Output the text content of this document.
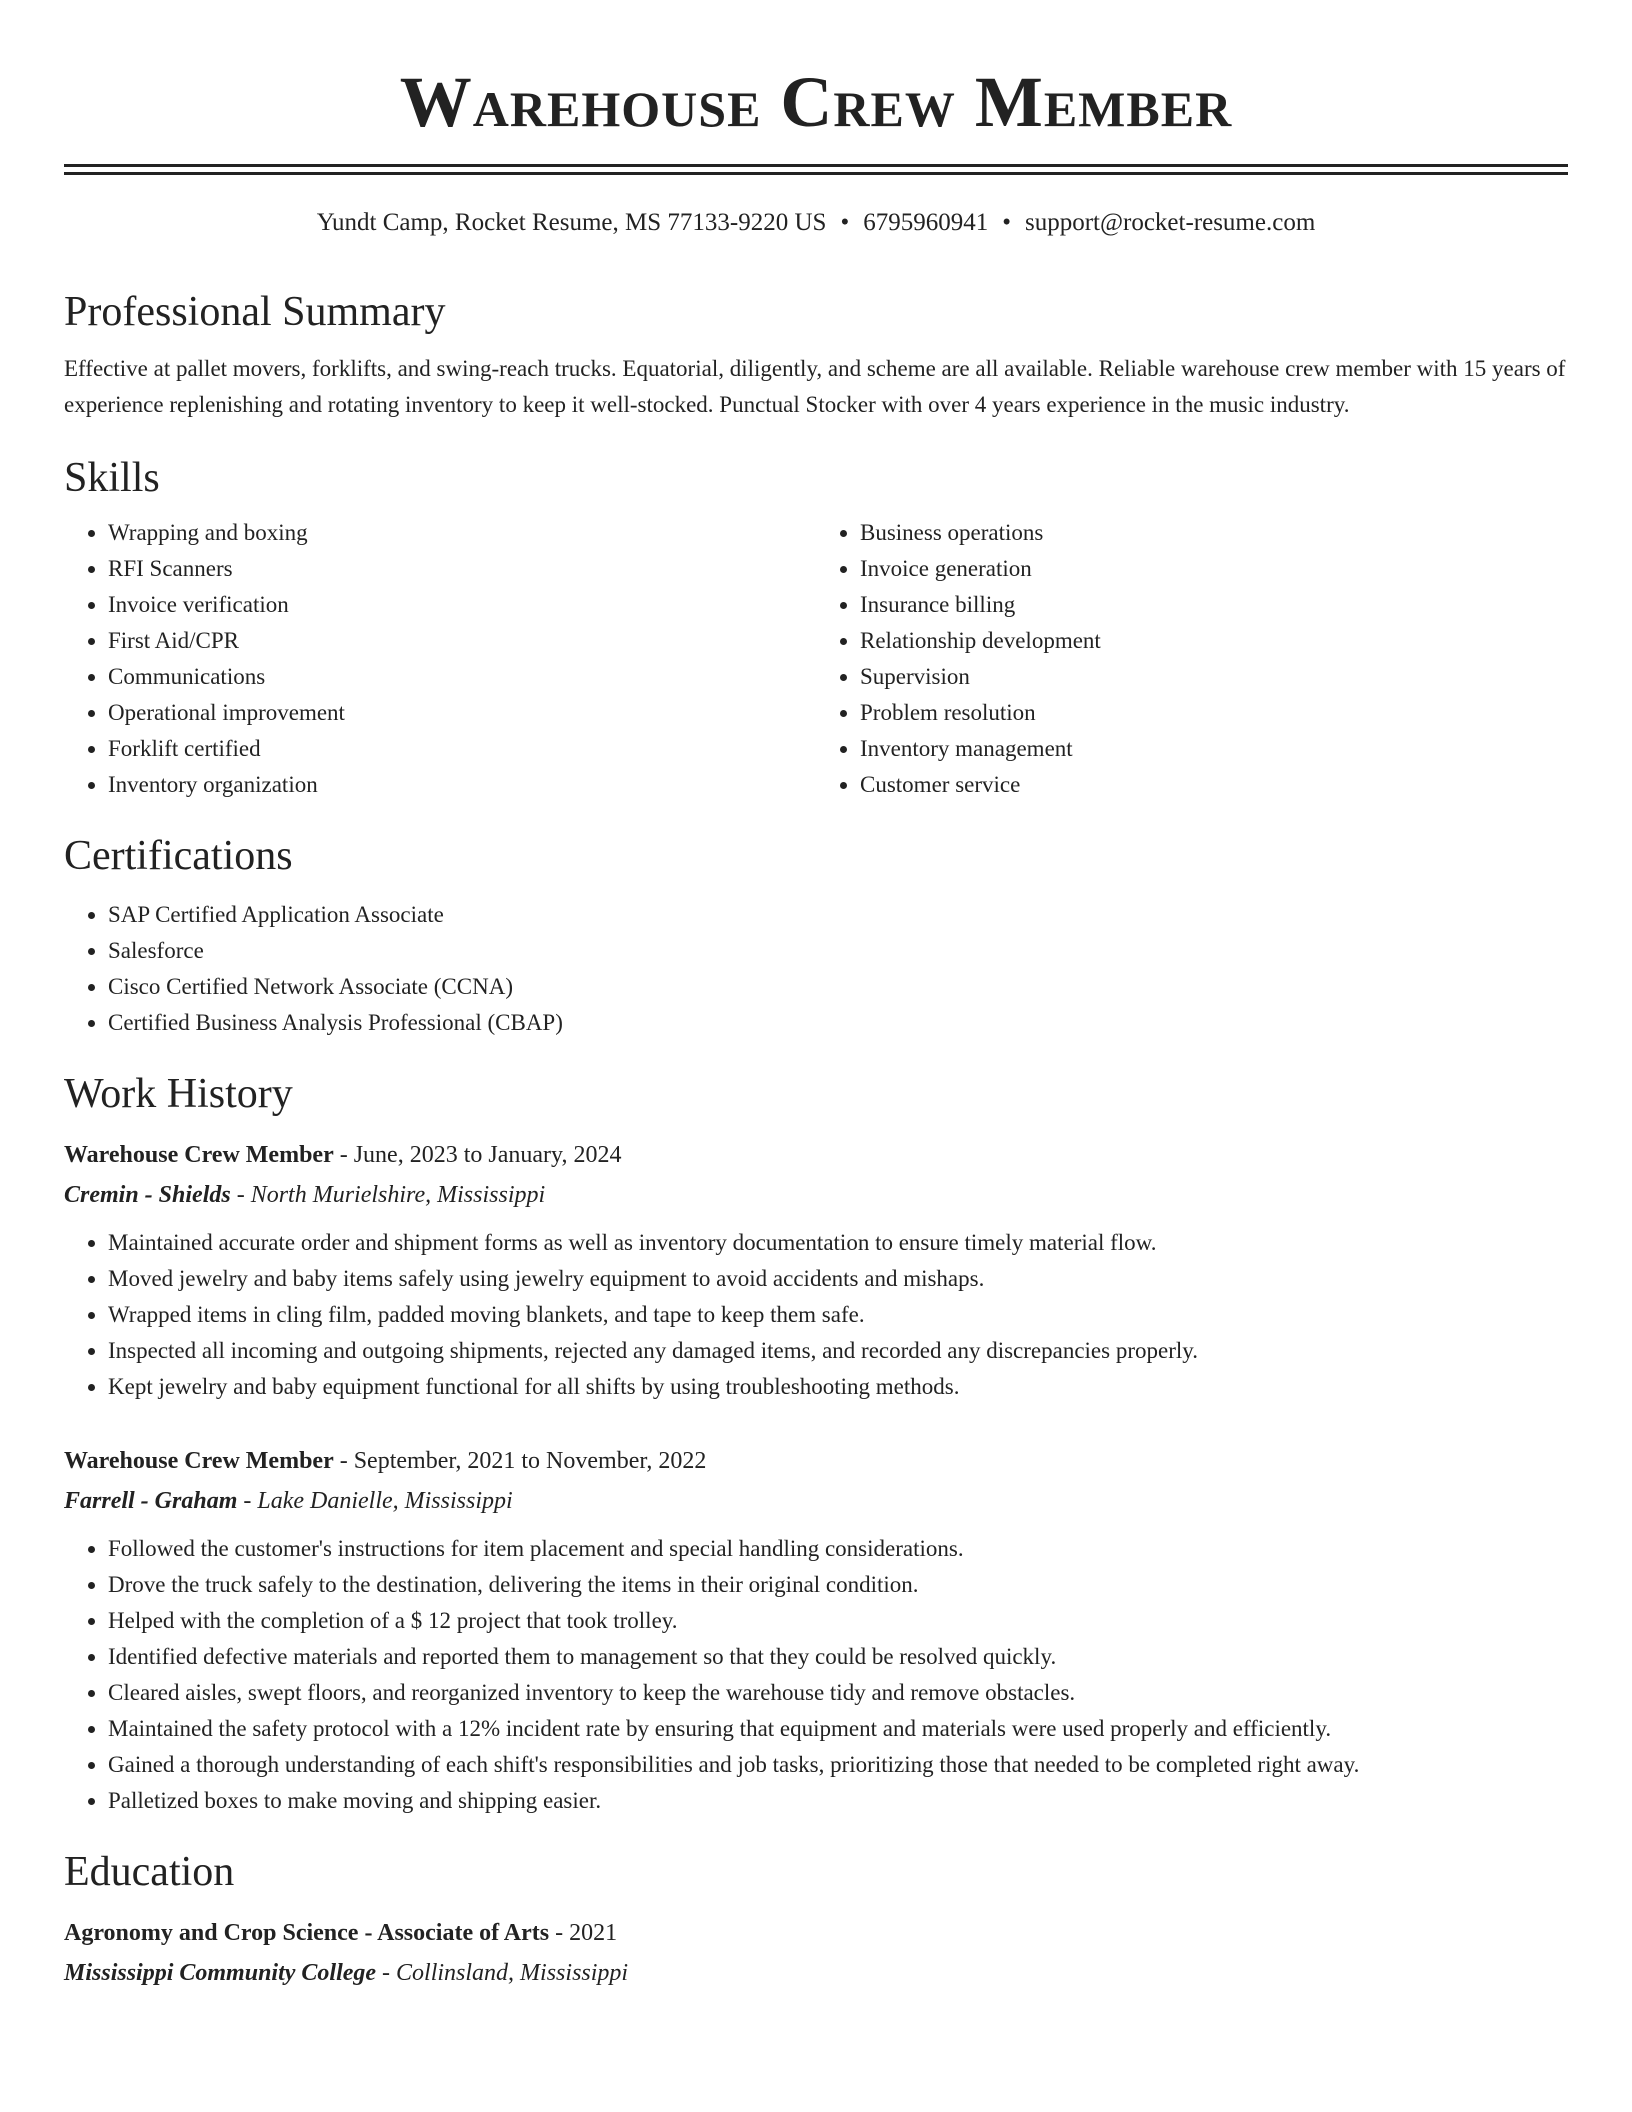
Warehouse Crew Member
Yundt Camp, Rocket Resume, MS 77133-9220 US • 6795960941 • support@rocket-resume.com
Professional Summary

Effective at pallet movers, forklifts, and swing-reach trucks. Equatorial, diligently, and scheme are all available. Reliable warehouse crew member with 15 years of experience replenishing and rotating inventory to keep it well-stocked. Punctual Stocker with over 4 years experience in the music industry.

Skills
• Wrapping and boxing
• RFI Scanners
• Invoice verification
• First Aid/CPR
• Communications
• Operational improvement
• Forklift certified
• Inventory organization
• Business operations
• Invoice generation
• Insurance billing
• Relationship development
• Supervision
• Problem resolution
• Inventory management
• Customer service
Certifications
• SAP Certified Application Associate
• Salesforce
• Cisco Certified Network Associate (CCNA)
• Certified Business Analysis Professional (CBAP)
Work History
Warehouse Crew Member - June, 2023 to January, 2024
Cremin - Shields - North Murielshire, Mississippi
• Maintained accurate order and shipment forms as well as inventory documentation to ensure timely material flow.
• Moved jewelry and baby items safely using jewelry equipment to avoid accidents and mishaps.
• Wrapped items in cling film, padded moving blankets, and tape to keep them safe.
• Inspected all incoming and outgoing shipments, rejected any damaged items, and recorded any discrepancies properly.
• Kept jewelry and baby equipment functional for all shifts by using troubleshooting methods.
Warehouse Crew Member - September, 2021 to November, 2022
Farrell - Graham - Lake Danielle, Mississippi
• Followed the customer's instructions for item placement and special handling considerations.
• Drove the truck safely to the destination, delivering the items in their original condition.
• Helped with the completion of a $ 12 project that took trolley.
• Identified defective materials and reported them to management so that they could be resolved quickly.
• Cleared aisles, swept floors, and reorganized inventory to keep the warehouse tidy and remove obstacles.
• Maintained the safety protocol with a 12% incident rate by ensuring that equipment and materials were used properly and efficiently.
• Gained a thorough understanding of each shift's responsibilities and job tasks, prioritizing those that needed to be completed right away.
• Palletized boxes to make moving and shipping easier.
Education
Agronomy and Crop Science - Associate of Arts - 2021
Mississippi Community College - Collinsland, Mississippi
